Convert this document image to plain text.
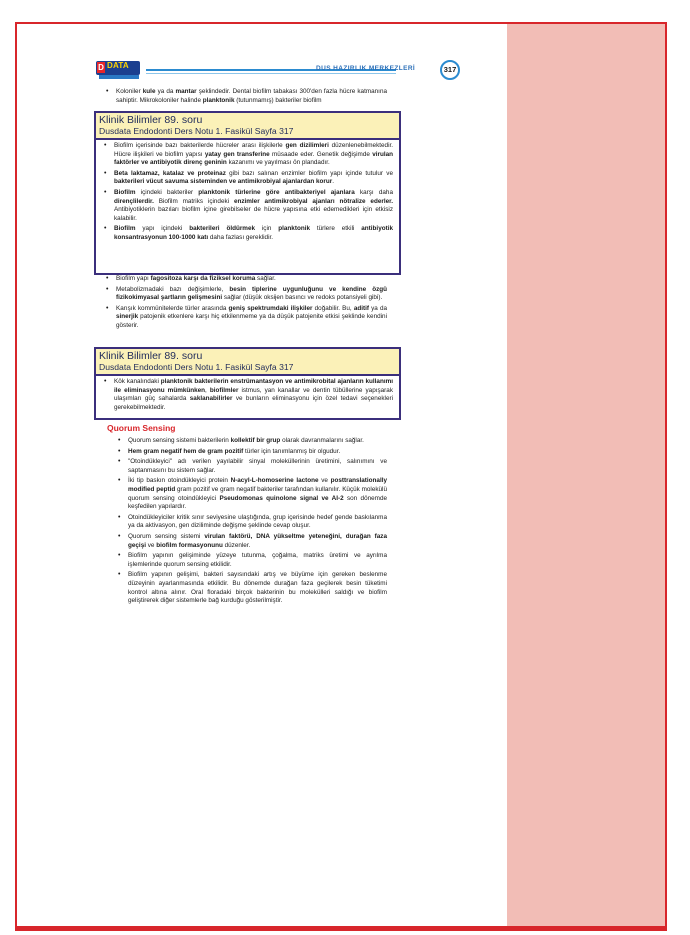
D DATA	DUS HAZIRLIK MERKEZLERİ	317
• Koloniler kule ya da mantar şeklindedir. Dental biofilm tabakası 300'den fazla hücre katmanına sahiptir. Mikrokoloniler halinde planktonik (tutunmamış) bakteriler biofilm
Klinik Bilimler 89. soru
Dusdata Endodonti Ders Notu 1. Fasikül Sayfa 317
• Biofilm içerisinde bazı bakterilerde hücreler arası ilişkilerle gen dizilimleri düzenlenebilmektedir. Hücre ilişkileri ve biofilm yapısı yatay gen transferine müsaade eder. Genetik değişimde virulan faktörler ve antibiyotik direnç geninin kazanımı ve yayılması ön plandadır.
• Beta laktamaz, katalaz ve proteinaz gibi bazı salınan enzimler biofilm yapı içinde tutulur ve bakterileri vücut savuma sisteminden ve antimikrobiyal ajanlardan korur.
• Biofilm içindeki bakteriler planktonik türlerine göre antibakteriyel ajanlara karşı daha dirençlilerdir. Biofilm matriks içindeki enzimler antimikrobiyal ajanları nötralize ederler. Antibiyotiklerin bazıları biofilm içine girebilseler de hücre yapısına etki edemedikleri için etkisiz kalabilir.
• Biofilm yapı içindeki bakterileri öldürmek için planktonik türlere etkili antibiyotik konsantrasyonun 100-1000 katı daha fazlası gereklidir.
• Biofilm yapı fagositoza karşı da fiziksel koruma sağlar.
• Metabolizmadaki bazı değişimlerle, besin tiplerine uygunluğunu ve kendine özgü fizikokimyasal şartların gelişmesini sağlar (düşük oksijen basıncı ve redoks potansiyeli gibi).
• Karışık kommünitelerde türler arasında geniş spektrumdaki ilişkiler doğabilir. Bu, aditif ya da sinerjik patojenik etkenlere karşı hiç etkilenmeme ya da düşük patojenite etkisi şeklinde kendini gösterir.
Klinik Bilimler 89. soru
Dusdata Endodonti Ders Notu 1. Fasikül Sayfa 317
• Kök kanalındaki planktonik bakterilerin enstrümantasyon ve antimikrobital ajanların kullanımı ile eliminasyonu mümkünken, biofilmler istmus, yan kanallar ve dentin tübüllerine yapışarak ulaşımları güç sahalarda saklanabilirler ve bunların eliminasyonu için özel tedavi seçenekleri gerekebilmektedir.
Quorum Sensing
• Quorum sensing sistemi bakterilerin kollektif bir grup olarak davranmalarını sağlar.
• Hem gram negatif hem de gram pozitif türler için tanımlanmış bir olgudur.
• "Otoindükleyici" adı verilen yayılabilir sinyal moleküllerinin üretimini, salınımını ve saptanmasını bu sistem sağlar.
• İki tip baskın otoindükleyici protein N-acyl-L-homoserine lactone ve posttranslationally modified peptid gram pozitif ve gram negatif bakteriler tarafından kullanılır. Küçük molekülü quorum sensing otoindükleyici Pseudomonas quinolone signal ve AI-2 son dönemde keşfedilen yapılardır.
• Otoindükleyiciler kritik sınır seviyesine ulaştığında, grup içerisinde hedef gende baskılanma ya da aktivasyon, gen diziliminde değişme şeklinde cevap oluşur.
• Quorum sensing sistemi virulan faktörü, DNA yükseltme yeteneğini, durağan faza geçişi ve biofilm formasyonunu düzenler.
• Biofilm yapının gelişiminde yüzeye tutunma, çoğalma, matriks üretimi ve ayrılma işlemlerinde quorum sensing etkilidir.
• Biofilm yapının gelişimi, bakteri sayısındaki artış ve büyüme için gereken beslenme düzeyinin ayarlanmasında etkilidir. Bu dönemde durağan faza geçilerek besin tüketimi kontrol altına alınır. Oral floradaki birçok bakterinin bu molekülleri saldığı ve biofilm geliştirerek diğer sistemlerle bağ kurduğu gösterilmiştir.
